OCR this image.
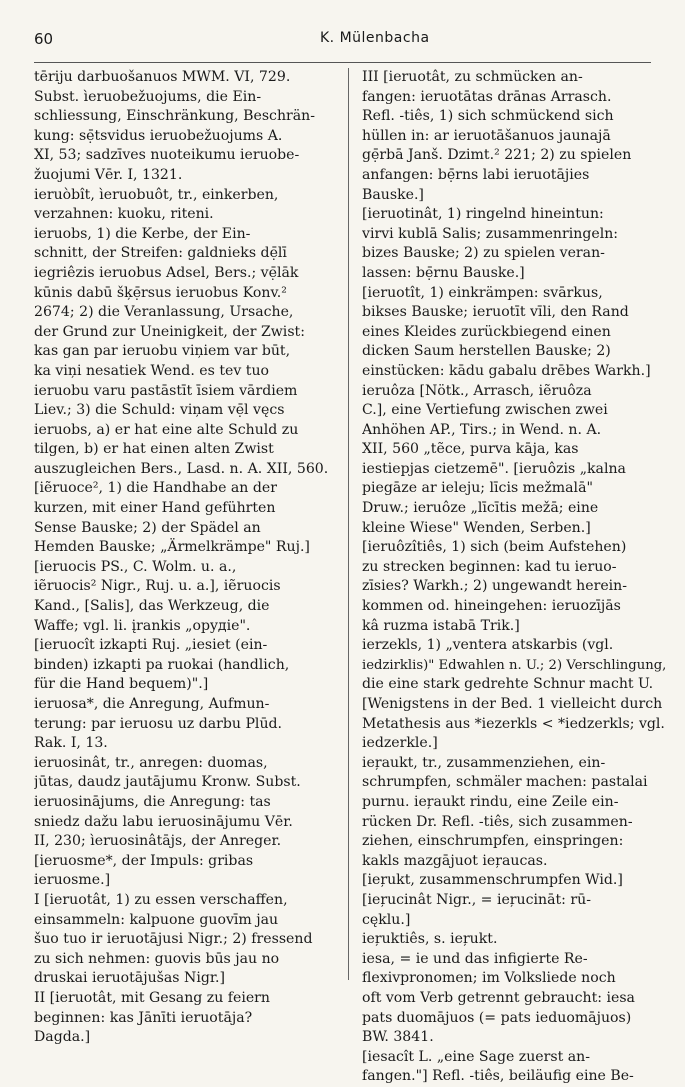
60	K. Mülenbacha
tēriju darbuošanuos MWM. VI, 729.
Subst. ìeruobežuojums, die Ein-
schliessung, Einschränkung, Beschrän-
kung: sẹ̄tsvidus ieruobežuojums A.
XI, 53; sadzīves nuoteikumu ieruobe-
žuojumi Vēr. I, 1321.
ieruòbît, ìeruobuôt, tr., einkerben,
verzahnen: kuoku, riteni.
ieruobs, 1) die Kerbe, der Ein-
schnitt, der Streifen: galdnieks dẹ̄lī
iegriêzis ieruobus Adsel, Bers.; vẹ̄lāk
kūnis dabū šķẹ̄rsus ieruobus Konv.²
2674; 2) die Veranlassung, Ursache,
der Grund zur Uneinigkeit, der Zwist:
kas gan par ieruobu viņiem var būt,
ka viņi nesatiek Wend. es tev tuo
ieruobu varu pastāstīt īsiem vārdiem
Liev.; 3) die Schuld: viņam vẹ̄l vęcs
ieruobs, a) er hat eine alte Schuld zu
tilgen, b) er hat einen alten Zwist
auszugleichen Bers., Lasd. n. A. XII, 560.
[iẽruoce², 1) die Handhabe an der
kurzen, mit einer Hand geführten
Sense Bauske; 2) der Spädel an
Hemden Bauske; „Ärmelkrämpe" Ruj.]
[ieruocis PS., C. Wolm. u. a.,
iẽruocis² Nigr., Ruj. u. a.], iẽruocis
Kand., [Salis], das Werkzeug, die
Waffe; vgl. li. įrankis „opyдie".
[ieruocît izkapti Ruj. „iesiet (ein-
binden) izkapti pa ruokai (handlich,
für die Hand bequem)".]
ieruosa*, die Anregung, Aufmun-
terung: par ieruosu uz darbu Plūd.
Rak. I, 13.
ieruosinât, tr., anregen: duomas,
jūtas, daudz jautājumu Kronw. Subst.
ieruosinājums, die Anregung: tas
sniedz dažu labu ieruosinājumu Vēr.
II, 230; ìeruosinâtājs, der Anreger.
[ieruosme*, der Impuls: gribas
ieruosme.]
I [ieruotât, 1) zu essen verschaffen,
einsammeln: kalpuone guovīm jau
šuo tuo ir ieruotājusi Nigr.; 2) fressend
zu sich nehmen: guovis būs jau no
druskai ieruotājušas Nigr.]
II [ieruotât, mit Gesang zu feiern
beginnen: kas Jānīti ieruotāja?
Dagda.]
III [ieruotât, zu schmücken an-
fangen: ieruotātas drānas Arrasch.
Refl. -tiês, 1) sich schmückend sich
hüllen in: ar ieruotāšanuos jaunajā
gẹ̄rbā Janš. Dzimt.² 221; 2) zu spielen
anfangen: bẹ̄rns labi ieruotājies
Bauske.]
[ieruotinât, 1) ringelnd hineintun:
virvi kublā Salis; zusammenringeln:
bizes Bauske; 2) zu spielen veran-
lassen: bẹ̄rnu Bauske.]
[ieruotît, 1) einkrämpen: svārkus,
bikses Bauske; ieruotīt vīli, den Rand
eines Kleides zurückbiegend einen
dicken Saum herstellen Bauske; 2)
einstücken: kādu gabalu drēbes Warkh.]
ieruôza [Nötk., Arrasch, iẽruôza
C.], eine Vertiefung zwischen zwei
Anhöhen AP., Tirs.; in Wend. n. A.
XII, 560 „tẽce, purva kāja, kas
iestiepjas cietzemē". [ieruôzis „kalna
piegāze ar ieleju; līcis mežmalā"
Druw.; ieruôze „līcītis mežā; eine
kleine Wiese" Wenden, Serben.]
[ieruôzîtiês, 1) sich (beim Aufstehen)
zu strecken beginnen: kad tu ieruo-
zīsies? Warkh.; 2) ungewandt herein-
kommen od. hineingehen: ieruozījās
kâ ruzma istabā Trik.]
ierzekls, 1) „ventera atskarbis (vgl.
iedzirklis)" Edwahlen n. U.; 2) Verschlingung,
die eine stark gedrehte Schnur macht U.
[Wenigstens in der Bed. 1 vielleicht durch
Metathesis aus *iezerkls < *iedzerkls; vgl.
iedzerkle.]
ieŗaukt, tr., zusammenziehen, ein-
schrumpfen, schmäler machen: pastalai
purnu. ieŗaukt rindu, eine Zeile ein-
rücken Dr. Refl. -tiês, sich zusammen-
ziehen, einschrumpfen, einspringen:
kakls mazgājuot ieŗaucas.
[ieŗukt, zusammenschrumpfen Wid.]
[ieŗucinât Nigr., = ieŗucināt: rū-
cęklu.]
ieŗuktiês, s. ieŗukt.
iesa, = ie und das infigierte Re-
flexivpronomen; im Volksliede noch
oft vom Verb getrennt gebraucht: iesa
pats duomājuos (= pats ieduomājuos)
BW. 3841.
[iesacît L. „eine Sage zuerst an-
fangen."] Refl. -tiês, beiläufig eine Be-
